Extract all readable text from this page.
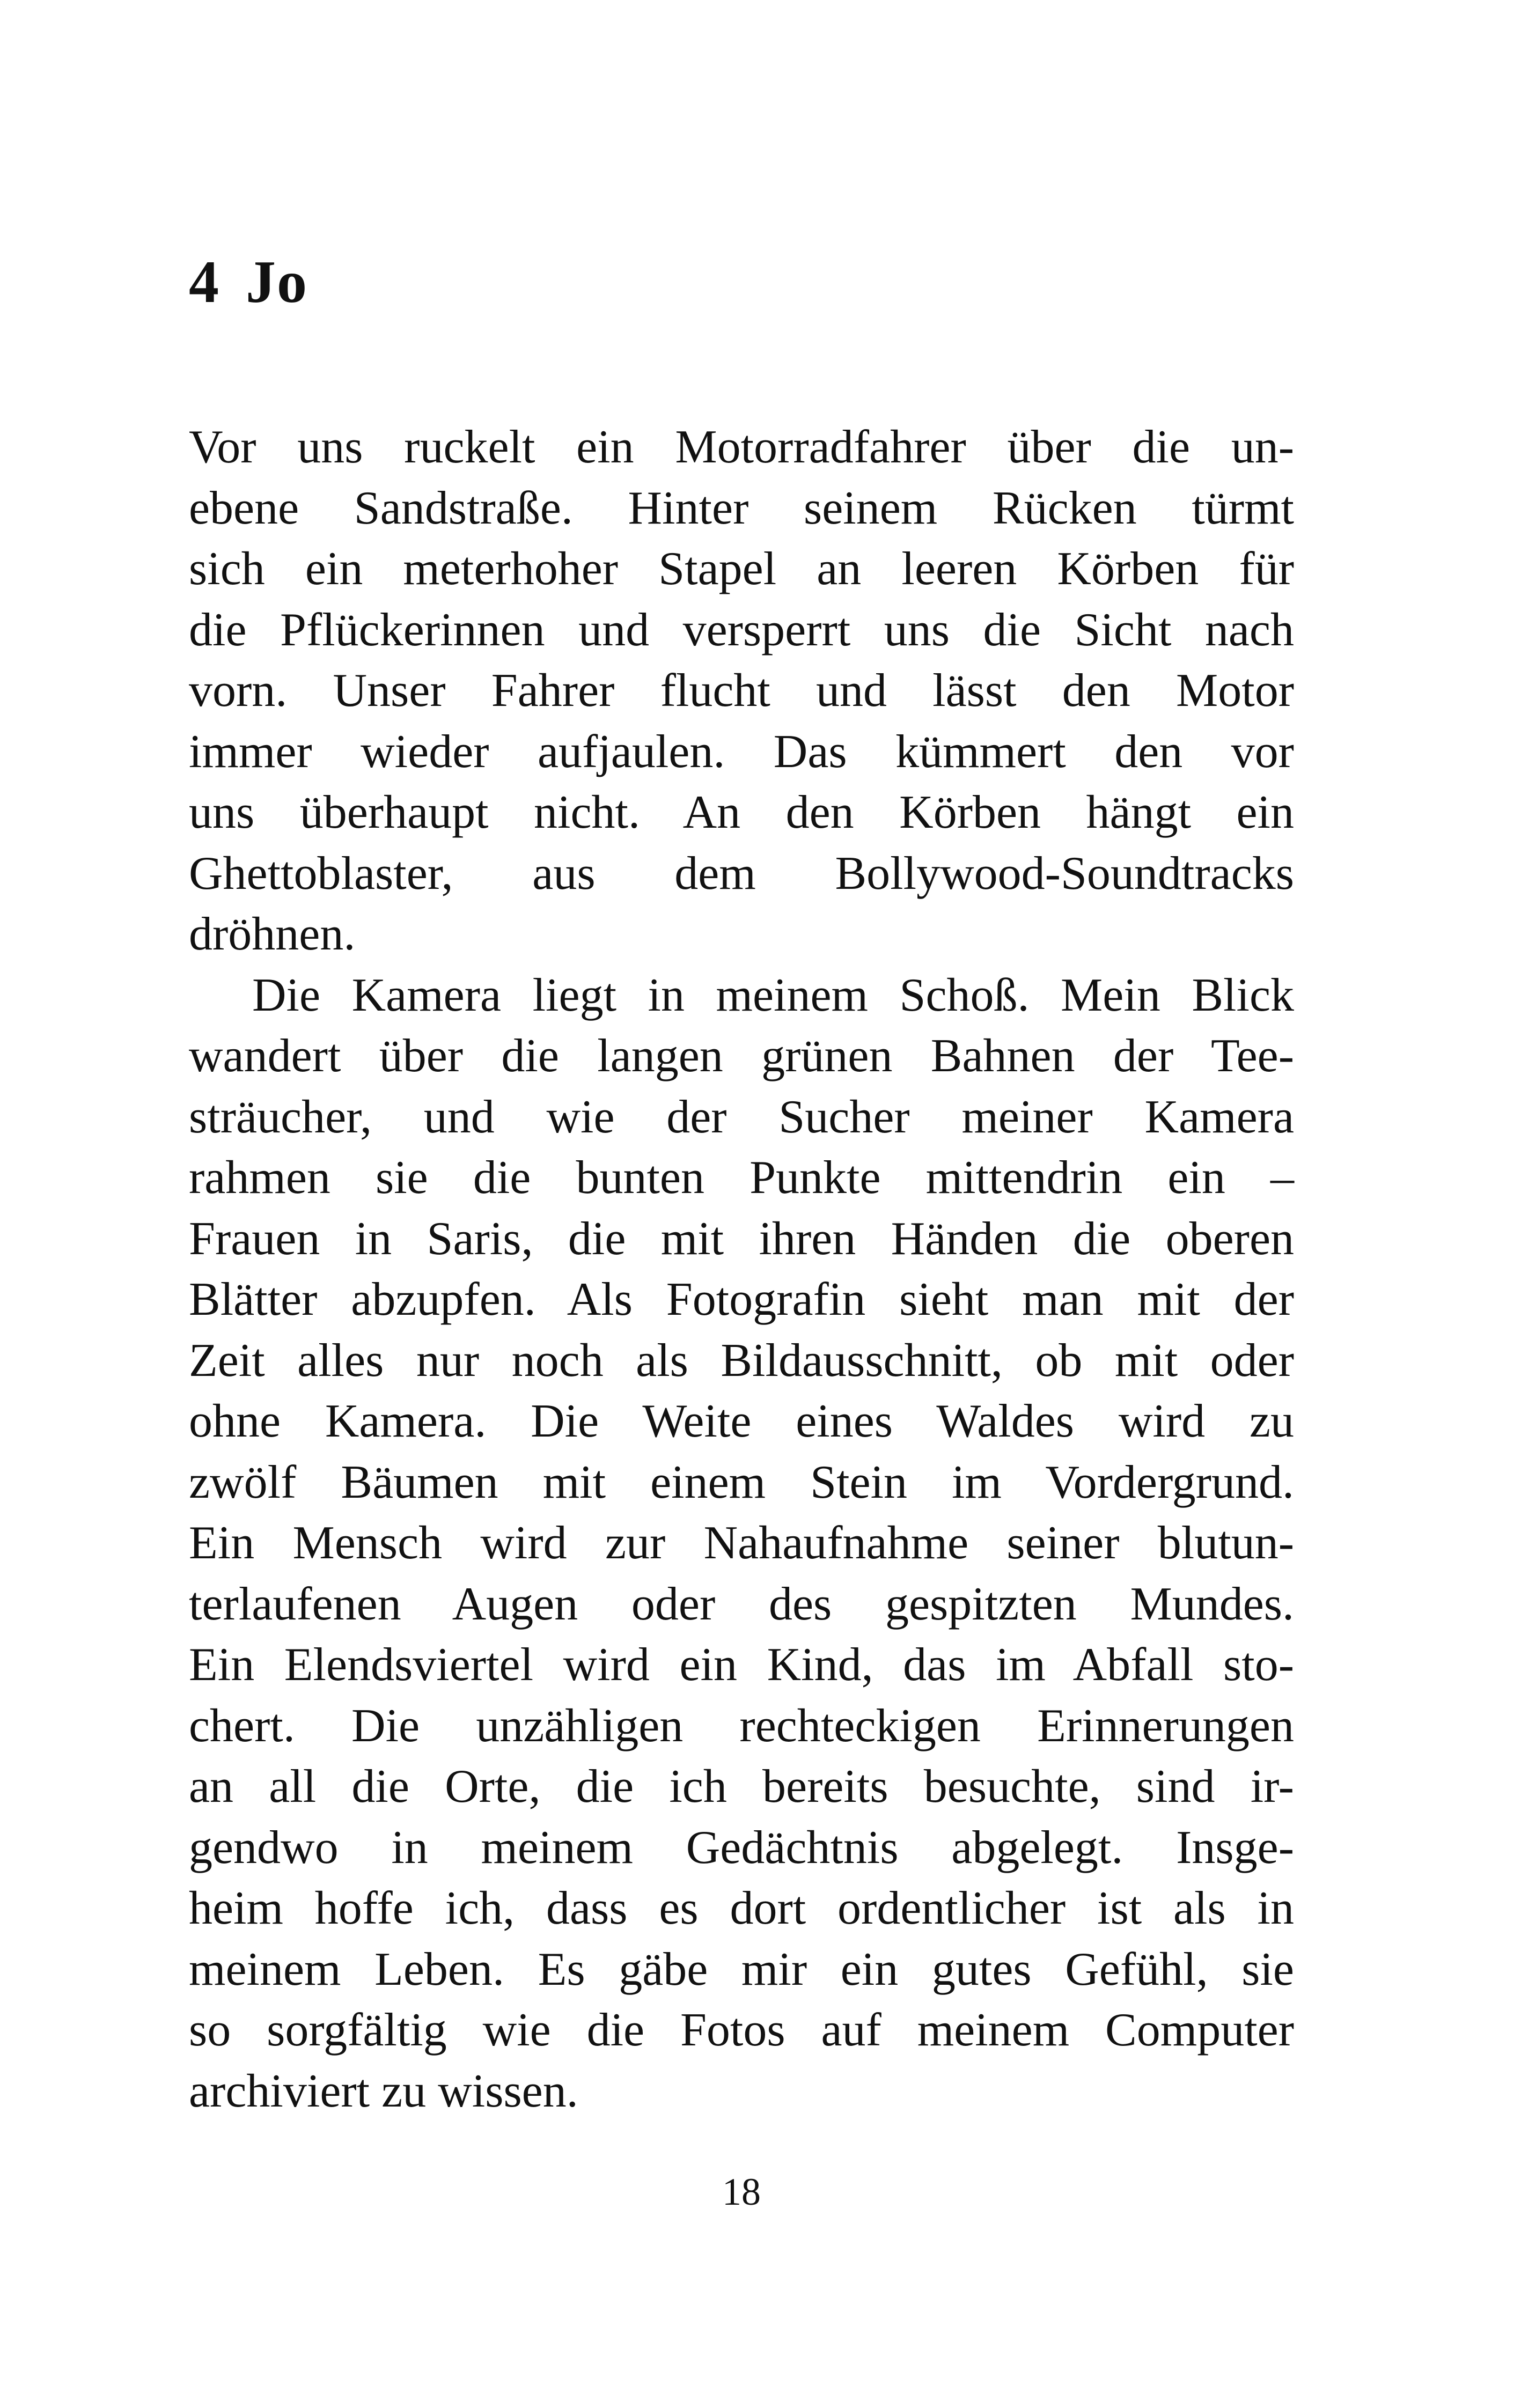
4 Jo
Vor uns ruckelt ein Motorradfahrer über die un-
ebene Sandstraße. Hinter seinem Rücken türmt
sich ein meterhoher Stapel an leeren Körben für
die Pflückerinnen und versperrt uns die Sicht nach
vorn. Unser Fahrer flucht und lässt den Motor
immer wieder aufjaulen. Das kümmert den vor
uns überhaupt nicht. An den Körben hängt ein
Ghettoblaster, aus dem Bollywood-Soundtracks
dröhnen.
Die Kamera liegt in meinem Schoß. Mein Blick
wandert über die langen grünen Bahnen der Tee-
sträucher, und wie der Sucher meiner Kamera
rahmen sie die bunten Punkte mittendrin ein –
Frauen in Saris, die mit ihren Händen die oberen
Blätter abzupfen. Als Fotografin sieht man mit der
Zeit alles nur noch als Bildausschnitt, ob mit oder
ohne Kamera. Die Weite eines Waldes wird zu
zwölf Bäumen mit einem Stein im Vordergrund.
Ein Mensch wird zur Nahaufnahme seiner blutun-
terlaufenen Augen oder des gespitzten Mundes.
Ein Elendsviertel wird ein Kind, das im Abfall sto-
chert. Die unzähligen rechteckigen Erinnerungen
an all die Orte, die ich bereits besuchte, sind ir-
gendwo in meinem Gedächtnis abgelegt. Insge-
heim hoffe ich, dass es dort ordentlicher ist als in
meinem Leben. Es gäbe mir ein gutes Gefühl, sie
so sorgfältig wie die Fotos auf meinem Computer
archiviert zu wissen.
18
